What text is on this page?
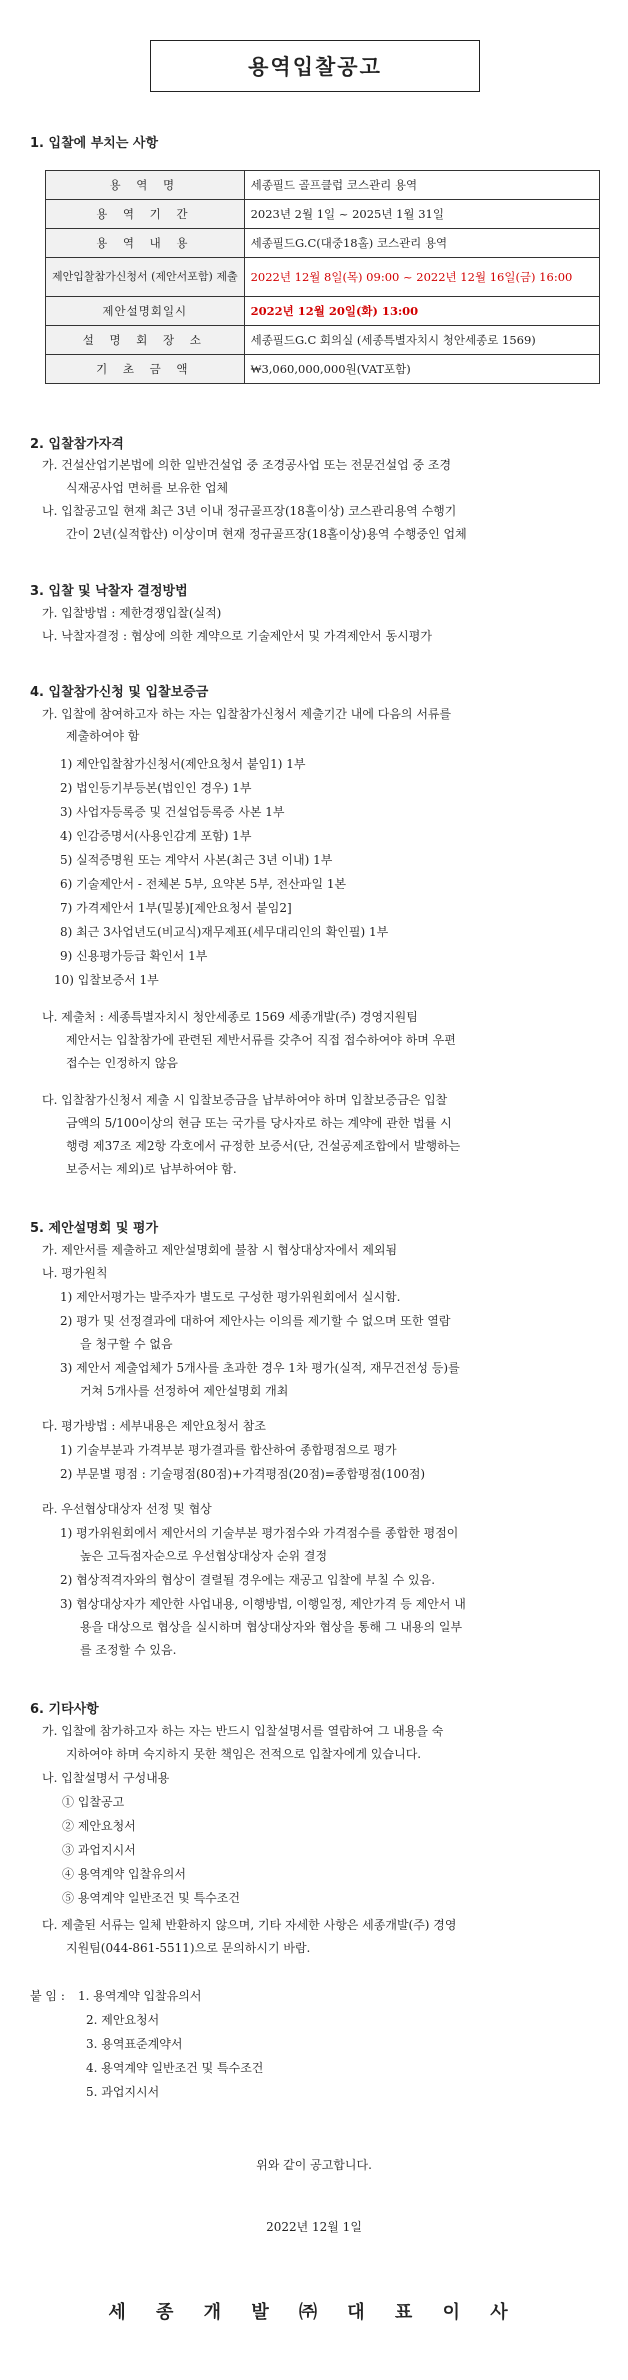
용역입찰공고
1. 입찰에 부치는 사항
용 역 명	세종필드 골프클럽 코스관리 용역
용 역 기 간	2023년 2월 1일 ~ 2025년 1월 31일
용 역 내 용	세종필드G.C(대중18홀) 코스관리 용역
제안입찰참가신청서 (제안서포함) 제출	2022년 12월 8일(목) 09:00 ~ 2022년 12월 16일(금) 16:00
제안설명회일시	2022년 12월 20일(화) 13:00
설 명 회 장 소	세종필드G.C 회의실 (세종특별자치시 청안세종로 1569)
기 초 금 액	₩3,060,000,000원(VAT포함)
2. 입찰참가자격
가. 건설산업기본법에 의한 일반건설업 중 조경공사업 또는 전문건설업 중 조경
식재공사업 면허를 보유한 업체
나. 입찰공고일 현재 최근 3년 이내 정규골프장(18홀이상) 코스관리용역 수행기
간이 2년(실적합산) 이상이며 현재 정규골프장(18홀이상)용역 수행중인 업체
3. 입찰 및 낙찰자 결정방법
가. 입찰방법 : 제한경쟁입찰(실적)
나. 낙찰자결정 : 협상에 의한 계약으로 기술제안서 및 가격제안서 동시평가
4. 입찰참가신청 및 입찰보증금
가. 입찰에 참여하고자 하는 자는 입찰참가신청서 제출기간 내에 다음의 서류를
제출하여야 함
1) 제안입찰참가신청서(제안요청서 붙임1) 1부
2) 법인등기부등본(법인인 경우) 1부
3) 사업자등록증 및 건설업등록증 사본 1부
4) 인감증명서(사용인감계 포함) 1부
5) 실적증명원 또는 계약서 사본(최근 3년 이내) 1부
6) 기술제안서 - 전체본 5부, 요약본 5부, 전산파일 1본
7) 가격제안서 1부(밀봉)[제안요청서 붙임2]
8) 최근 3사업년도(비교식)재무제표(세무대리인의 확인필) 1부
9) 신용평가등급 확인서 1부
10) 입찰보증서 1부
나. 제출처 : 세종특별자치시 청안세종로 1569 세종개발(주) 경영지원팀
제안서는 입찰참가에 관련된 제반서류를 갖추어 직접 접수하여야 하며 우편
접수는 인정하지 않음
다. 입찰참가신청서 제출 시 입찰보증금을 납부하여야 하며 입찰보증금은 입찰
금액의 5/100이상의 현금 또는 국가를 당사자로 하는 계약에 관한 법률 시
행령 제37조 제2항 각호에서 규정한 보증서(단, 건설공제조합에서 발행하는
보증서는 제외)로 납부하여야 함.
5. 제안설명회 및 평가
가. 제안서를 제출하고 제안설명회에 불참 시 협상대상자에서 제외됨
나. 평가원칙
1) 제안서평가는 발주자가 별도로 구성한 평가위원회에서 실시함.
2) 평가 및 선정결과에 대하여 제안사는 이의를 제기할 수 없으며 또한 열람
을 청구할 수 없음
3) 제안서 제출업체가 5개사를 초과한 경우 1차 평가(실적, 재무건전성 등)를
거쳐 5개사를 선정하여 제안설명회 개최
다. 평가방법 : 세부내용은 제안요청서 참조
1) 기술부분과 가격부분 평가결과를 합산하여 종합평점으로 평가
2) 부문별 평점 : 기술평점(80점)+가격평점(20점)=종합평점(100점)
라. 우선협상대상자 선정 및 협상
1) 평가위원회에서 제안서의 기술부분 평가점수와 가격점수를 종합한 평점이
높은 고득점자순으로 우선협상대상자 순위 결정
2) 협상적격자와의 협상이 결렬될 경우에는 재공고 입찰에 부칠 수 있음.
3) 협상대상자가 제안한 사업내용, 이행방법, 이행일정, 제안가격 등 제안서 내
용을 대상으로 협상을 실시하며 협상대상자와 협상을 통해 그 내용의 일부
를 조정할 수 있음.
6. 기타사항
가. 입찰에 참가하고자 하는 자는 반드시 입찰설명서를 열람하여 그 내용을 숙
지하여야 하며 숙지하지 못한 책임은 전적으로 입찰자에게 있습니다.
나. 입찰설명서 구성내용
① 입찰공고
② 제안요청서
③ 과업지시서
④ 용역계약 입찰유의서
⑤ 용역계약 일반조건 및 특수조건
다. 제출된 서류는 일체 반환하지 않으며, 기타 자세한 사항은 세종개발(주) 경영
지원팀(044-861-5511)으로 문의하시기 바람.
붙 임 : 1. 용역계약 입찰유의서
2. 제안요청서
3. 용역표준계약서
4. 용역계약 일반조건 및 특수조건
5. 과업지시서
위와 같이 공고합니다.
2022년 12월 1일
세 종 개 발 ㈜ 대 표 이 사
